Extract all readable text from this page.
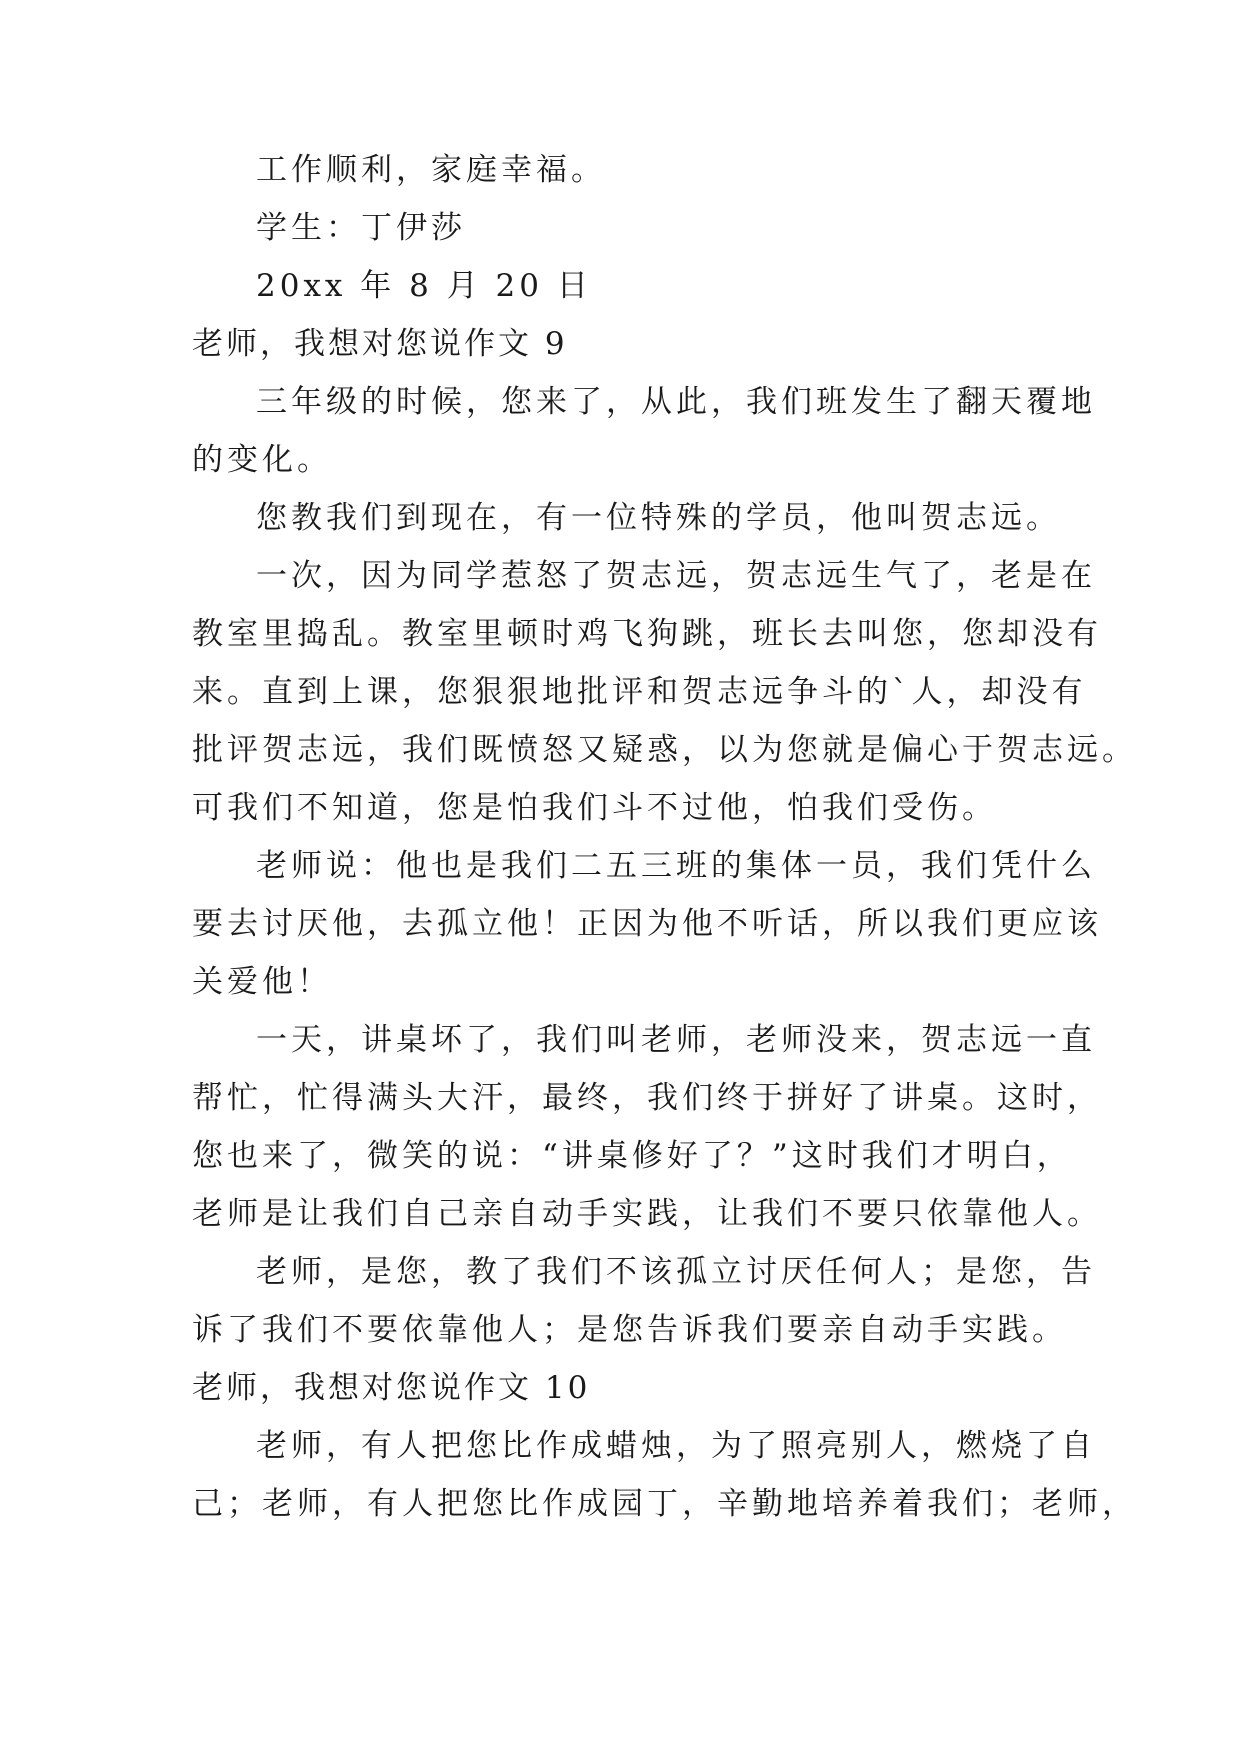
工作顺利，家庭幸福。

学生：丁伊莎

20xx 年 8 月 20 日

老师，我想对您说作文 9

三年级的时候，您来了，从此，我们班发生了翻天覆地

的变化。

您教我们到现在，有一位特殊的学员，他叫贺志远。

一次，因为同学惹怒了贺志远，贺志远生气了，老是在

教室里捣乱。教室里顿时鸡飞狗跳，班长去叫您，您却没有

来。直到上课，您狠狠地批评和贺志远争斗的`人，却没有

批评贺志远，我们既愤怒又疑惑，以为您就是偏心于贺志远。

可我们不知道，您是怕我们斗不过他，怕我们受伤。

老师说：他也是我们二五三班的集体一员，我们凭什么

要去讨厌他，去孤立他！正因为他不听话，所以我们更应该

关爱他！

一天，讲桌坏了，我们叫老师，老师没来，贺志远一直

帮忙，忙得满头大汗，最终，我们终于拼好了讲桌。这时，

您也来了，微笑的说：“讲桌修好了？”这时我们才明白，

老师是让我们自己亲自动手实践，让我们不要只依靠他人。

老师，是您，教了我们不该孤立讨厌任何人；是您，告

诉了我们不要依靠他人；是您告诉我们要亲自动手实践。

老师，我想对您说作文 10

老师，有人把您比作成蜡烛，为了照亮别人，燃烧了自

己；老师，有人把您比作成园丁，辛勤地培养着我们；老师，
